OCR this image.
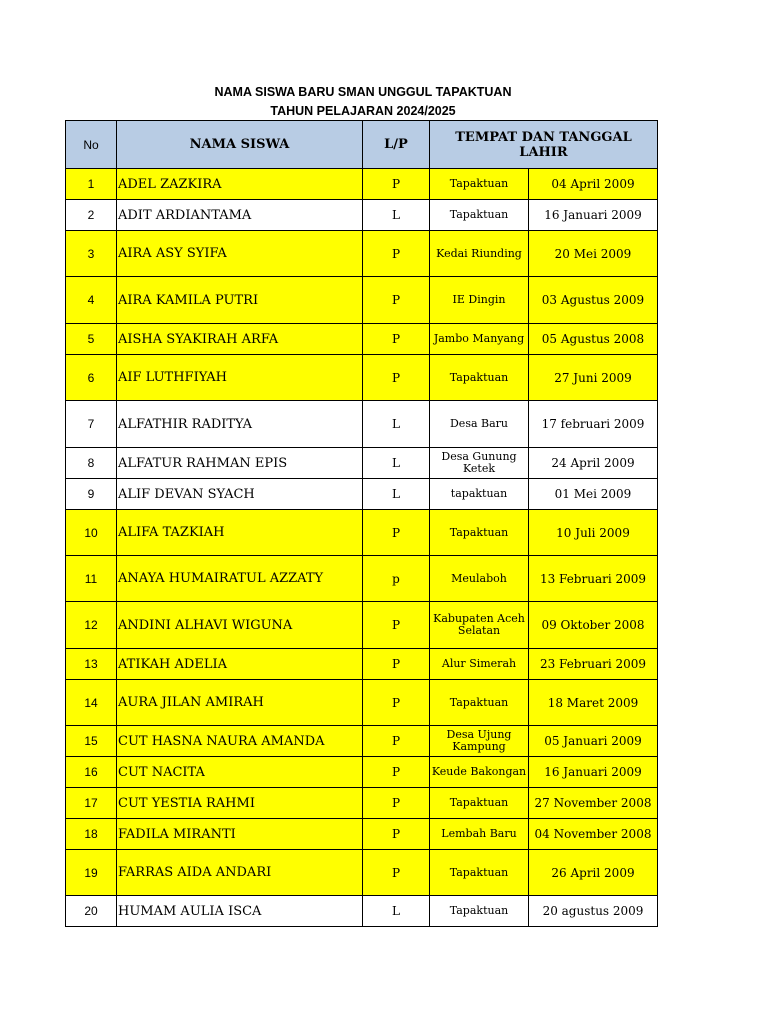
NAMA SISWA BARU SMAN UNGGUL TAPAKTUAN
TAHUN PELAJARAN 2024/2025
No	NAMA SISWA	L/P	TEMPAT DAN TANGGAL LAHIR	
1	ADEL ZAZKIRA	P	Tapaktuan	04 April 2009
2	ADIT ARDIANTAMA	L	Tapaktuan	16 Januari 2009
3	AIRA ASY SYIFA	P	Kedai Riunding	20 Mei 2009
4	AIRA KAMILA PUTRI	P	IE Dingin	03 Agustus 2009
5	AISHA SYAKIRAH ARFA	P	Jambo Manyang	05 Agustus 2008
6	AIF LUTHFIYAH	P	Tapaktuan	27 Juni 2009
7	ALFATHIR RADITYA	L	Desa Baru	17 februari 2009
8	ALFATUR RAHMAN EPIS	L	Desa Gunung Ketek	24 April 2009
9	ALIF DEVAN SYACH	L	tapaktuan	01 Mei 2009
10	ALIFA TAZKIAH	P	Tapaktuan	10 Juli 2009
11	ANAYA HUMAIRATUL AZZATY	p	Meulaboh	13 Februari 2009
12	ANDINI ALHAVI WIGUNA	P	Kabupaten Aceh Selatan	09 Oktober 2008
13	ATIKAH ADELIA	P	Alur Simerah	23 Februari 2009
14	AURA JILAN AMIRAH	P	Tapaktuan	18 Maret 2009
15	CUT HASNA NAURA AMANDA	P	Desa Ujung Kampung	05 Januari 2009
16	CUT NACITA	P	Keude Bakongan	16 Januari 2009
17	CUT YESTIA RAHMI	P	Tapaktuan	27 November 2008
18	FADILA MIRANTI	P	Lembah Baru	04 November 2008
19	FARRAS AIDA ANDARI	P	Tapaktuan	26 April 2009
20	HUMAM AULIA ISCA	L	Tapaktuan	20 agustus 2009
